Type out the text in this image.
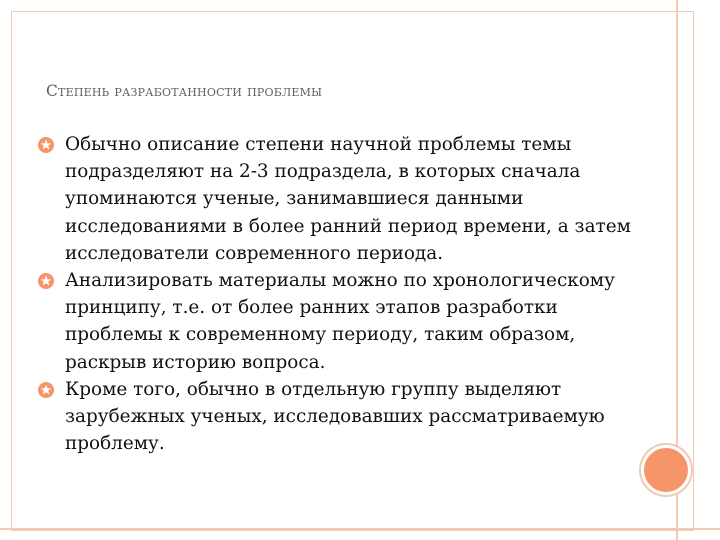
Степень разработанности проблемы
Обычно описание степени научной проблемы темы подразделяют на 2-3 подраздела, в которых сначала упоминаются ученые, занимавшиеся данными исследованиями в более ранний период времени, а затем исследователи современного периода.
Анализировать материалы можно по хронологическому принципу, т.е. от более ранних этапов разработки проблемы к современному периоду, таким образом, раскрыв историю вопроса.
Кроме того, обычно в отдельную группу выделяют зарубежных ученых, исследовавших рассматриваемую проблему.
